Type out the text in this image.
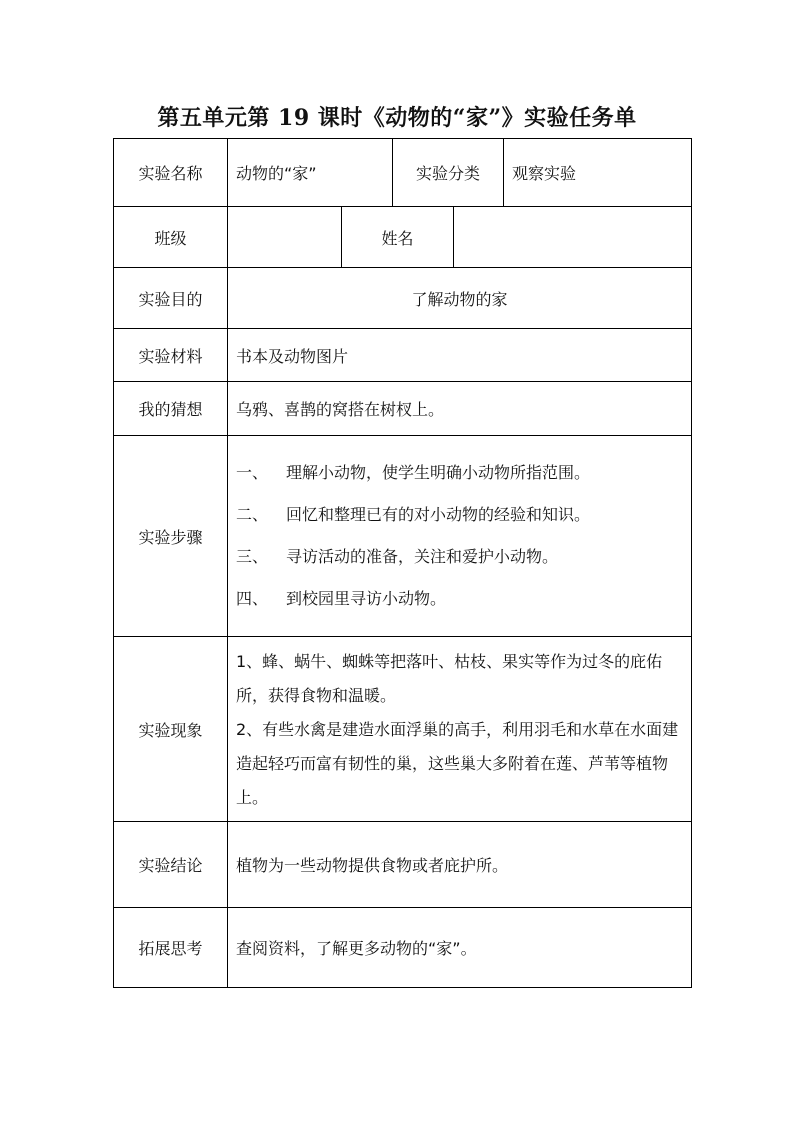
第五单元第 19 课时《动物的“家”》实验任务单
实验名称	动物的“家”		实验分类		观察实验
班级		姓名			
实验目的	了解动物的家				
实验材料	书本及动物图片				
我的猜想	乌鸦、喜鹊的窝搭在树杈上。				
实验步骤	一、 理解小动物，使学生明确小动物所指范围。
二、 回忆和整理已有的对小动物的经验和知识。
三、 寻访活动的准备，关注和爱护小动物。
四、 到校园里寻访小动物。				

实验现象	1、蜂、蜗牛、蜘蛛等把落叶、枯枝、果实等作为过冬的庇佑所，获得食物和温暖。
2、有些水禽是建造水面浮巢的高手，利用羽毛和水草在水面建造起轻巧而富有韧性的巢，这些巢大多附着在莲、芦苇等植物上。				

实验结论	植物为一些动物提供食物或者庇护所。				
拓展思考	查阅资料，了解更多动物的“家”。				
